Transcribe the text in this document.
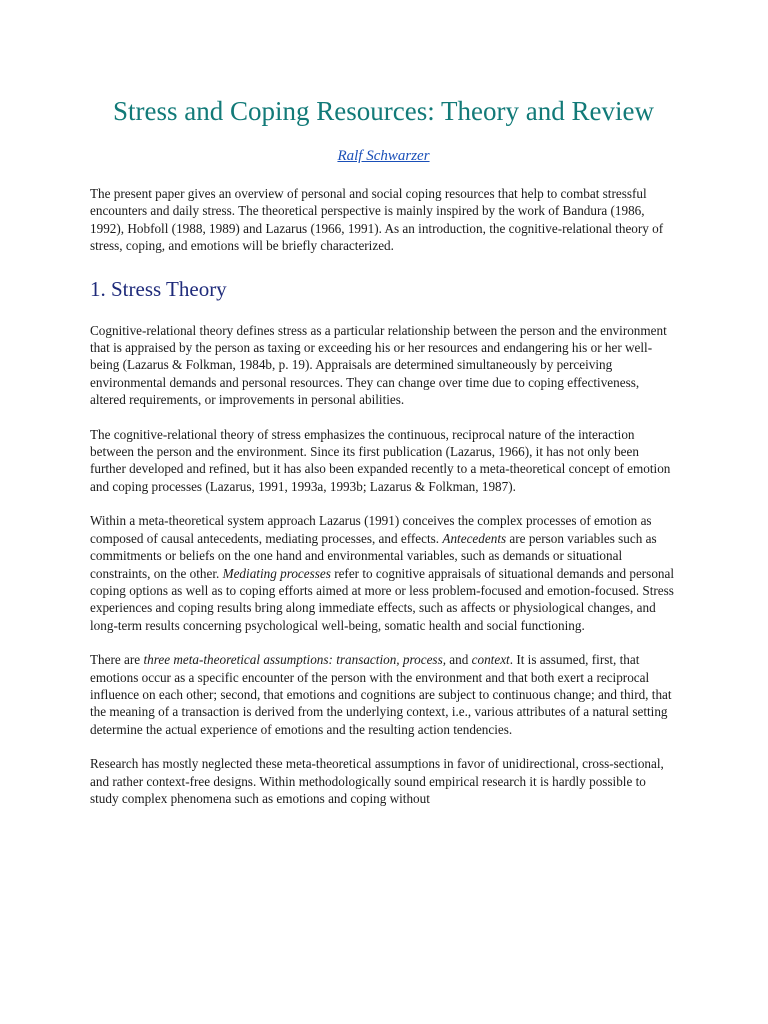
Stress and Coping Resources: Theory and Review
Ralf Schwarzer

The present paper gives an overview of personal and social coping resources that help to combat stressful encounters and daily stress. The theoretical perspective is mainly inspired by the work of Bandura (1986, 1992), Hobfoll (1988, 1989) and Lazarus (1966, 1991). As an introduction, the cognitive-relational theory of stress, coping, and emotions will be briefly characterized.

1. Stress Theory

Cognitive-relational theory defines stress as a particular relationship between the person and the environment that is appraised by the person as taxing or exceeding his or her resources and endangering his or her well-being (Lazarus & Folkman, 1984b, p. 19). Appraisals are determined simultaneously by perceiving environmental demands and personal resources. They can change over time due to coping effectiveness, altered requirements, or improvements in personal abilities.

The cognitive-relational theory of stress emphasizes the continuous, reciprocal nature of the interaction between the person and the environment. Since its first publication (Lazarus, 1966), it has not only been further developed and refined, but it has also been expanded recently to a meta-theoretical concept of emotion and coping processes (Lazarus, 1991, 1993a, 1993b; Lazarus & Folkman, 1987).

Within a meta-theoretical system approach Lazarus (1991) conceives the complex processes of emotion as composed of causal antecedents, mediating processes, and effects. Antecedents are person variables such as commitments or beliefs on the one hand and environmental variables, such as demands or situational constraints, on the other. Mediating processes refer to cognitive appraisals of situational demands and personal coping options as well as to coping efforts aimed at more or less problem-focused and emotion-focused. Stress experiences and coping results bring along immediate effects, such as affects or physiological changes, and long-term results concerning psychological well-being, somatic health and social functioning.

There are three meta-theoretical assumptions: transaction, process, and context. It is assumed, first, that emotions occur as a specific encounter of the person with the environment and that both exert a reciprocal influence on each other; second, that emotions and cognitions are subject to continuous change; and third, that the meaning of a transaction is derived from the underlying context, i.e., various attributes of a natural setting determine the actual experience of emotions and the resulting action tendencies.

Research has mostly neglected these meta-theoretical assumptions in favor of unidirectional, cross-sectional, and rather context-free designs. Within methodologically sound empirical research it is hardly possible to study complex phenomena such as emotions and coping without
